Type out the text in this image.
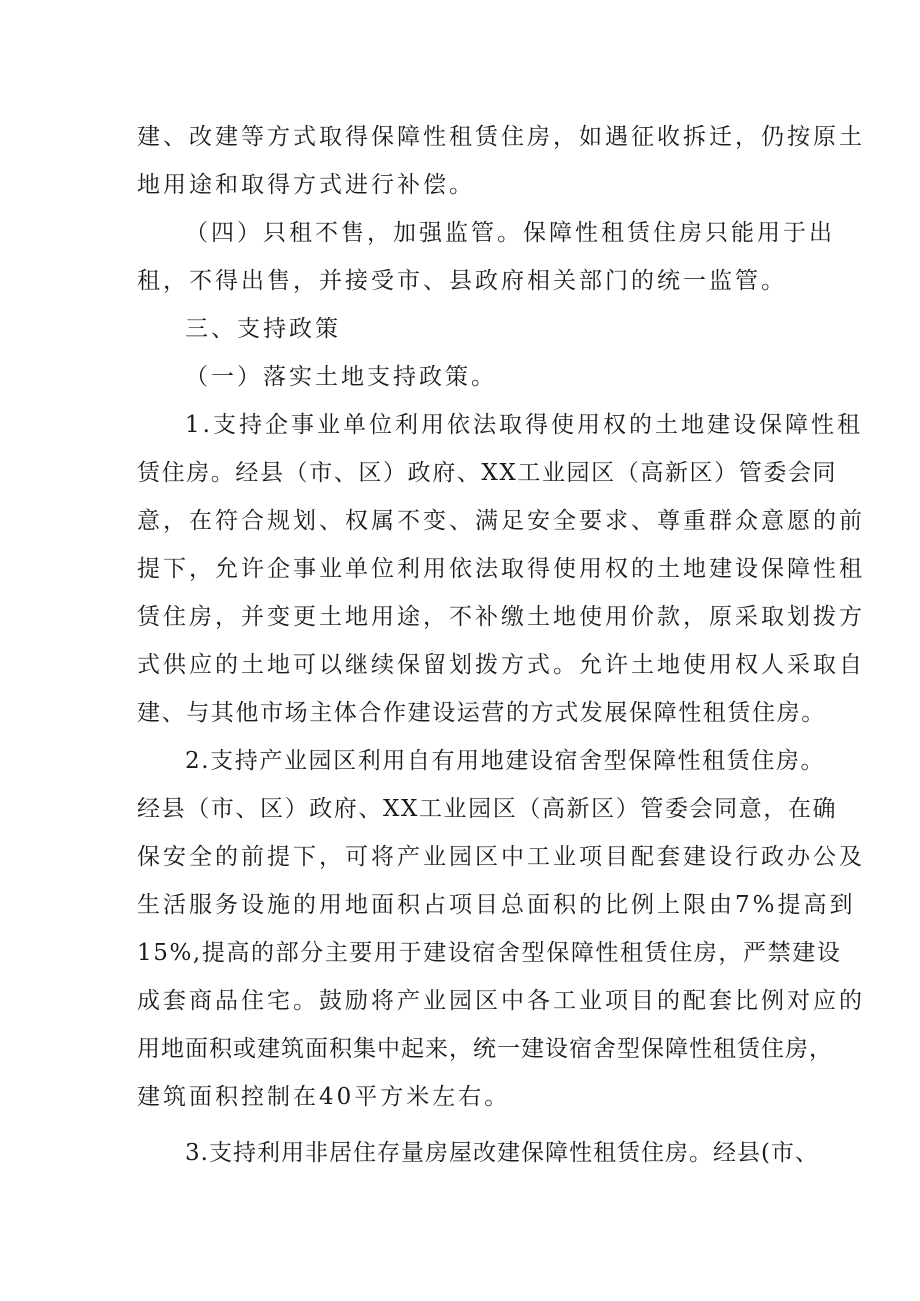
建、改建等方式取得保障性租赁住房，如遇征收拆迁，仍按原土
地用途和取得方式进行补偿。
（四）只租不售，加强监管。保障性租赁住房只能用于出
租，不得出售，并接受市、县政府相关部门的统一监管。
三、支持政策
（一）落实土地支持政策。
1.支持企事业单位利用依法取得使用权的土地建设保障性租
赁住房。经县（市、区）政府、XX工业园区（高新区）管委会同
意，在符合规划、权属不变、满足安全要求、尊重群众意愿的前
提下，允许企事业单位利用依法取得使用权的土地建设保障性租
赁住房，并变更土地用途，不补缴土地使用价款，原采取划拨方
式供应的土地可以继续保留划拨方式。允许土地使用权人采取自
建、与其他市场主体合作建设运营的方式发展保障性租赁住房。
2.支持产业园区利用自有用地建设宿舍型保障性租赁住房。
经县（市、区）政府、XX工业园区（高新区）管委会同意，在确
保安全的前提下，可将产业园区中工业项目配套建设行政办公及
生活服务设施的用地面积占项目总面积的比例上限由7%提高到
15%,提高的部分主要用于建设宿舍型保障性租赁住房，严禁建设
成套商品住宅。鼓励将产业园区中各工业项目的配套比例对应的
用地面积或建筑面积集中起来，统一建设宿舍型保障性租赁住房，
建筑面积控制在40平方米左右。
3.支持利用非居住存量房屋改建保障性租赁住房。经县(市、
